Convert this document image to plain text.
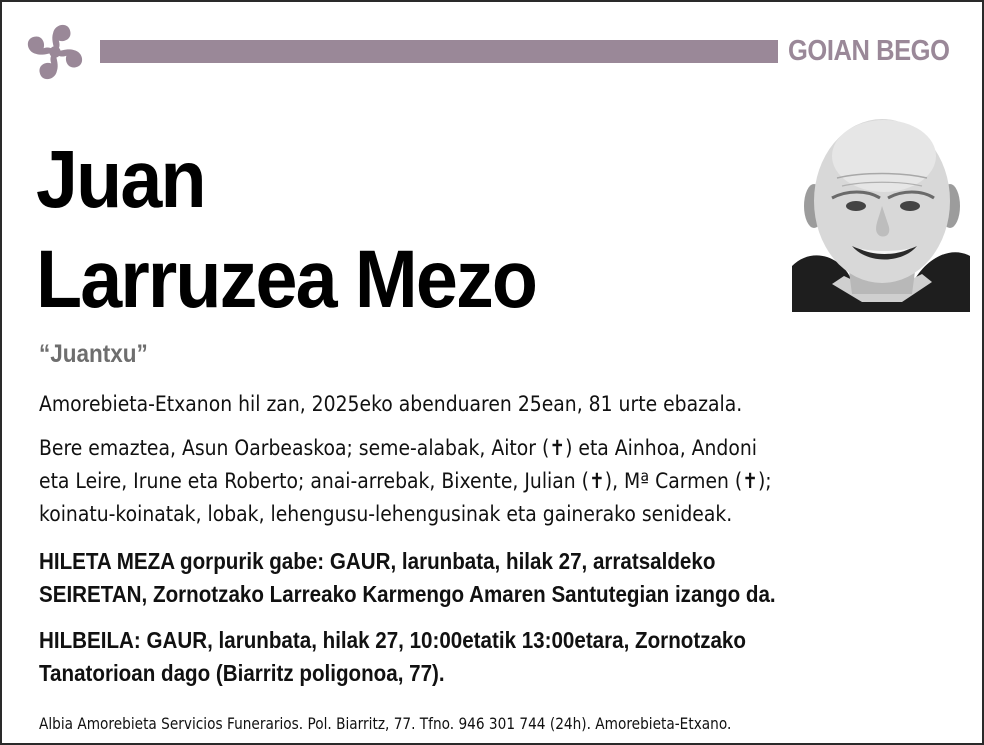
GOIAN BEGO
Juan
Larruzea Mezo
“Juantxu”
Amorebieta-Etxanon hil zan, 2025eko abenduaren 25ean, 81 urte ebazala.
Bere emaztea, Asun Oarbeaskoa; seme-alabak, Aitor (✝) eta Ainhoa, Andoni
eta Leire, Irune eta Roberto; anai-arrebak, Bixente, Julian (✝), Mª Carmen (✝);
koinatu-koinatak, lobak, lehengusu-lehengusinak eta gainerako senideak.
HILETA MEZA gorpurik gabe: GAUR, larunbata, hilak 27, arratsaldeko
SEIRETAN, Zornotzako Larreako Karmengo Amaren Santutegian izango da.
HILBEILA: GAUR, larunbata, hilak 27, 10:00etatik 13:00etara, Zornotzako
Tanatorioan dago (Biarritz poligonoa, 77).
Albia Amorebieta Servicios Funerarios. Pol. Biarritz, 77. Tfno. 946 301 744 (24h). Amorebieta-Etxano.
